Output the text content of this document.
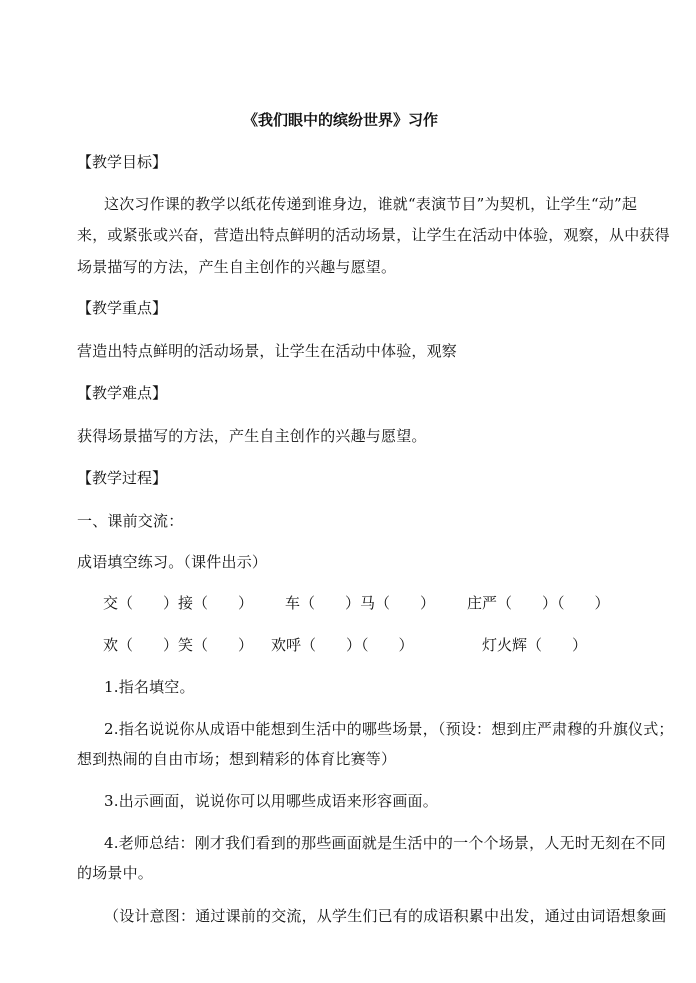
《我们眼中的缤纷世界》习作
【教学目标】
这次习作课的教学以纸花传递到谁身边，谁就“表演节目”为契机，让学生“动”起
来，或紧张或兴奋，营造出特点鲜明的活动场景，让学生在活动中体验，观察，从中获得
场景描写的方法，产生自主创作的兴趣与愿望。
【教学重点】
营造出特点鲜明的活动场景，让学生在活动中体验，观察
【教学难点】
获得场景描写的方法，产生自主创作的兴趣与愿望。
【教学过程】
一、课前交流：
成语填空练习。（课件出示）
交（　　）接（　　） 车（　　）马（　　） 庄严（　　）（　　）
欢（　　）笑（　　） 欢呼（　　）（　　）	灯火辉（　　）
1.指名填空。
2.指名说说你从成语中能想到生活中的哪些场景，（预设：想到庄严肃穆的升旗仪式；
想到热闹的自由市场；想到精彩的体育比赛等）
3.出示画面，说说你可以用哪些成语来形容画面。
4.老师总结：刚才我们看到的那些画面就是生活中的一个个场景，人无时无刻在不同
的场景中。
（设计意图：通过课前的交流，从学生们已有的成语积累中出发，通过由词语想象画
